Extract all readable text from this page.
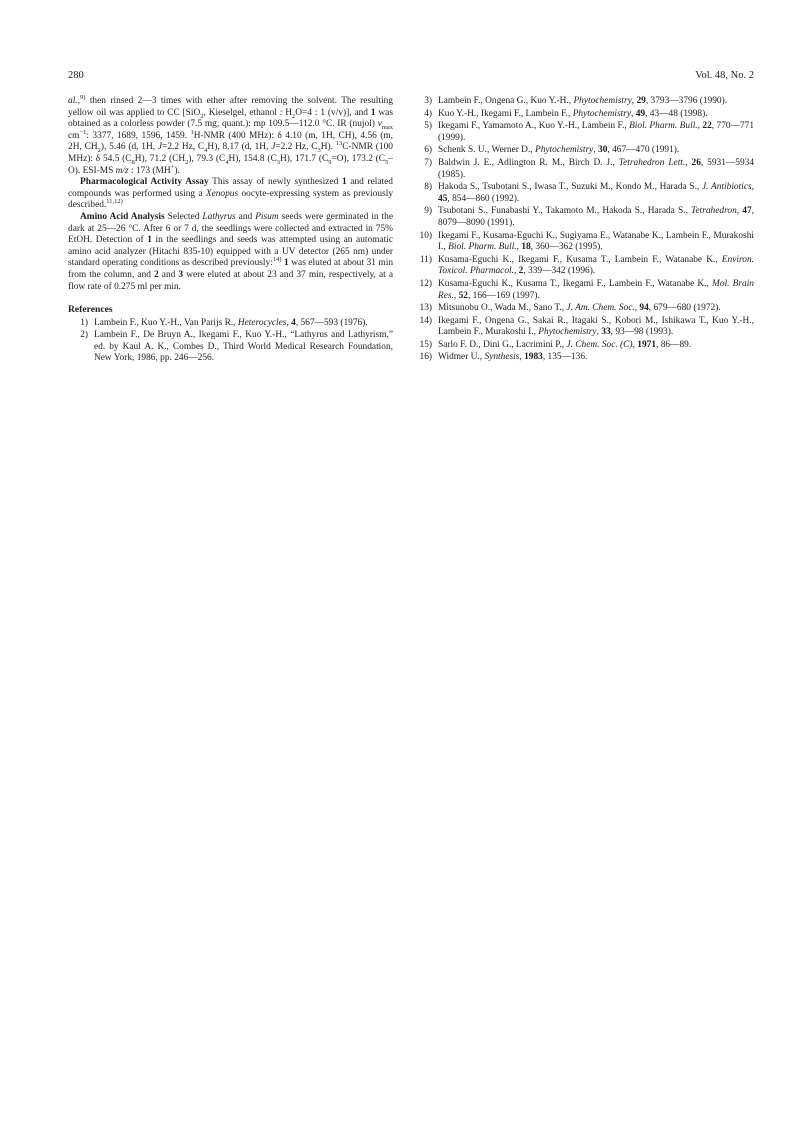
280	Vol. 48, No. 2

al.,$^{9)}$ then rinsed 2—3 times with ether after removing the solvent. The resulting yellow oil was applied to CC [SiO$_2$, Kieselgel, ethanol : $H_2O=4$ : 1 (v/v)], and 1 was obtained as a colorless powder (7.5 mg, quant.): mp 109.5—112.0 °C. IR (nujol) $\nu_{max}$ $cm^{-1}$: 3377, 1689, 1596, 1459. $^1$H-NMR (400 MHz): δ 4.10 (m, 1H, CH), 4.56 (m, 2H, $CH_2$), 5.46 (d, 1H, J=2.2 Hz, $C_4H$), 8.17 (d, 1H, J=2.2 Hz, $C_3H$). $^{13}$C-NMR (100 MHz): δ 54.5 $(C_8H)$, 71.2 $(CH_2)$, 79.3 $(C_4H)$, 154.8 $(C_3H)$, 171.7 $(C_9=O)$, 173.2 $(C_5-O)$. ESI-MS m/z : 173 (MH+).

Pharmacological Activity Assay This assay of newly synthesized 1 and related compounds was performed using a Xenopus oocyte-expressing system as previously described.$^{11,12)}$

Amino Acid Analysis Selected Lathyrus and Pisum seeds were germinated in the dark at 25—26 °C. After 6 or 7 d, the seedlings were collected and extracted in 75% EtOH. Detection of 1 in the seedlings and seeds was attempted using an automatic amino acid analyzer (Hitachi 835-10) equipped with a UV detector (265 nm) under standard operating conditions as described previously:$^{14)}$ 1 was eluted at about 31 min from the column, and 2 and 3 were eluted at about 23 and 37 min, respectively, at a flow rate of 0.275 ml per min.

References
1) Lambein F., Kuo Y.-H., Van Parijs R., Heterocycles, 4, 567—593 (1976).
2) Lambein F., De Bruyn A., Ikegami F., Kuo Y.-H., “Lathyrus and Lathyrism,” ed. by Kaul A. K., Combes D., Third World Medical Research Foundation, New York, 1986, pp. 246—256.
3) Lambein F., Ongena G., Kuo Y.-H., Phytochemistry, 29, 3793—3796 (1990).
4) Kuo Y.-H., Ikegami F., Lambein F., Phytochemistry, 49, 43—48 (1998).
5) Ikegami F., Yamamoto A., Kuo Y.-H., Lambein F., Biol. Pharm. Bull., 22, 770—771 (1999).
6) Schenk S. U., Werner D., Phytochemistry, 30, 467—470 (1991).
7) Baldwin J. E., Adlington R. M., Birch D. J., Tetrahedron Lett., 26, 5931—5934 (1985).
8) Hakoda S., Tsubotani S., Iwasa T., Suzuki M., Kondo M., Harada S., J. Antibiotics, 45, 854—860 (1992).
9) Tsubotani S., Funabashi Y., Takamoto M., Hakoda S., Harada S., Tetrahedron, 47, 8079—8090 (1991).
10) Ikegami F., Kusama-Eguchi K., Sugiyama E., Watanabe K., Lambein F., Murakoshi I., Biol. Pharm. Bull., 18, 360—362 (1995).
11) Kusama-Eguchi K., Ikegami F., Kusama T., Lambein F., Watanabe K., Environ. Toxicol. Pharmacol., 2, 339—342 (1996).
12) Kusama-Eguchi K., Kusama T., Ikegami F., Lambein F., Watanabe K., Mol. Brain Res., 52, 166—169 (1997).
13) Mitsunobu O., Wada M., Sano T., J. Am. Chem. Soc., 94, 679—680 (1972).
14) Ikegami F., Ongena G., Sakai R., Itagaki S., Kobori M., Ishikawa T., Kuo Y.-H., Lambein F., Murakoshi I., Phytochemistry, 33, 93—98 (1993).
15) Sarlo F. D., Dini G., Lacrimini P., J. Chem. Soc. (C), 1971, 86—89.
16) Widmer U., Synthesis, 1983, 135—136.
